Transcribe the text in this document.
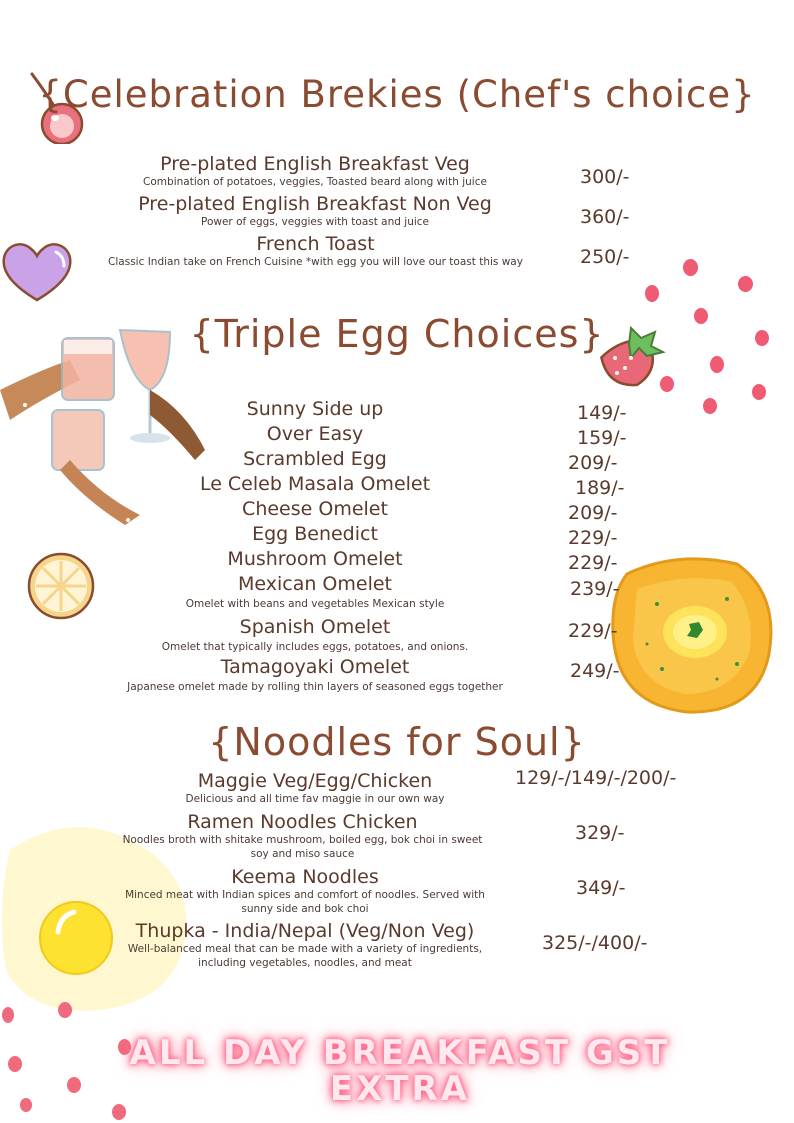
{Celebration Brekies (Chef's choice}
Pre-plated English Breakfast Veg
Combination of potatoes, veggies, Toasted beard along with juice	300/-
Pre-plated English Breakfast Non Veg
Power of eggs, veggies with toast and juice	360/-
French Toast
Classic Indian take on French Cuisine *with egg you will love our toast this way	250/-
{Triple Egg Choices}
Sunny Side up	149/-
Over Easy	159/-
Scrambled Egg	209/-
Le Celeb Masala Omelet	189/-
Cheese Omelet	209/-
Egg Benedict	229/-
Mushroom Omelet	229/-
Mexican Omelet
Omelet with beans and vegetables Mexican style
239/-
Spanish Omelet
Omelet that typically includes eggs, potatoes, and onions.
229/-
Tamagoyaki Omelet
Japanese omelet made by rolling thin layers of seasoned eggs together
249/-
{Noodles for Soul}
Maggie Veg/Egg/Chicken
Delicious and all time fav maggie in our own way
129/-/149/-/200/-
Ramen Noodles Chicken
Noodles broth with shitake mushroom, boiled egg, bok choi in sweet soy and miso sauce
329/-
Keema Noodles
Minced meat with Indian spices and comfort of noodles. Served with sunny side and bok choi
349/-
Thupka - India/Nepal (Veg/Non Veg)
Well-balanced meal that can be made with a variety of ingredients, including vegetables, noodles, and meat
325/-/400/-
ALL DAY BREAKFAST GST EXTRA
